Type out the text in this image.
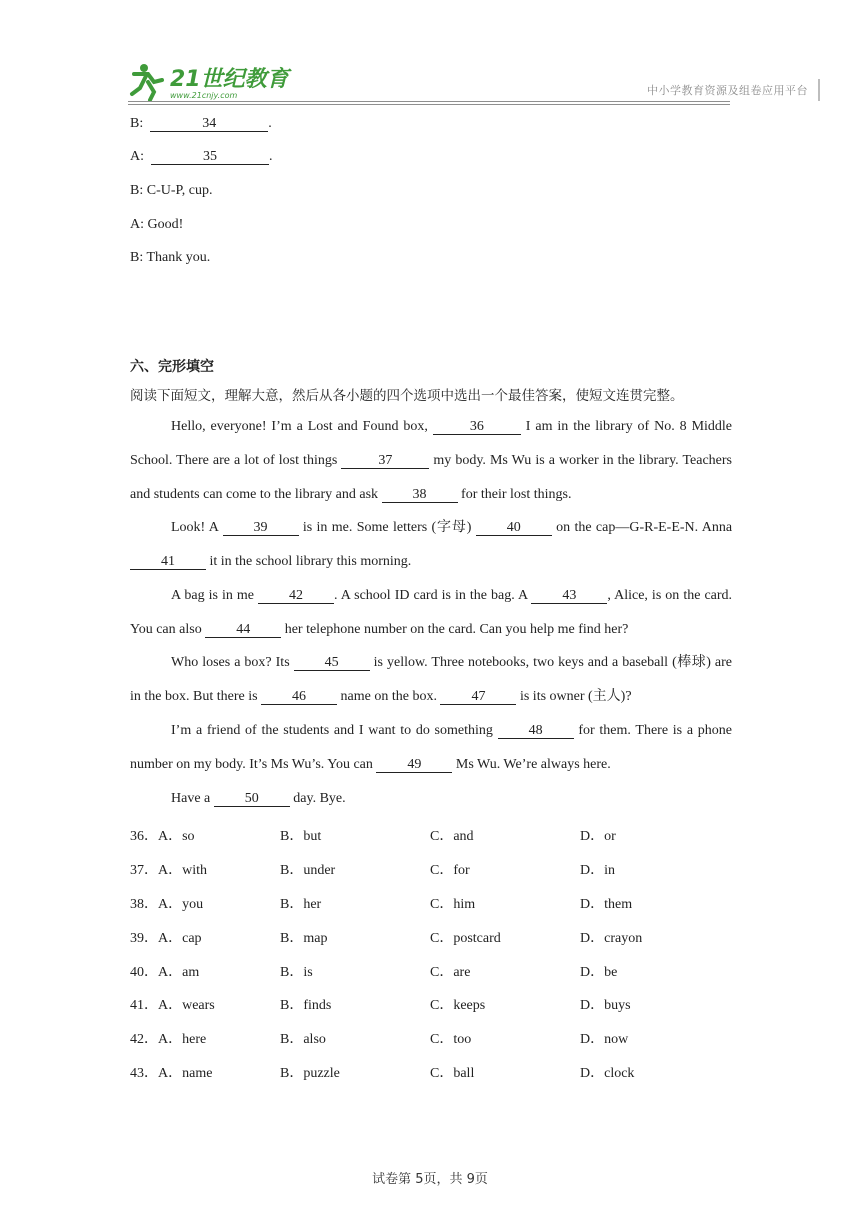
21世纪教育
www.21cnjy.com	中小学教育资源及组卷应用平台
B:	34	.
A:	35	.
B: C-U-P, cup.
A: Good!
B: Thank you.
六、完形填空
阅读下面短文，理解大意，然后从各小题的四个选项中选出一个最佳答案，使短文连贯完整。
Hello, everyone! I’m a Lost and Found box,	36	I am in the library of No. 8 Middle School. There are a lot of lost things	37	my body. Ms Wu is a worker in the library. Teachers and students can come to the library and ask 38 for their lost things.
Look! A	39	is in me. Some letters (字母)	40	on the cap—G-R-E-E-N. Anna 41 it in the school library this morning.
A bag is in me	42 . A school ID card is in the bag. A	43 , Alice, is on the card. You can also 44 her telephone number on the card. Can you help me find her?
Who loses a box? Its	45	is yellow. Three notebooks, two keys and a baseball (棒球) are in the box. But there is 46 name on the box. 47 is its owner (主人)?
I’m a friend of the students and I want to do something	48	for them. There is a phone number on my body. It’s Ms Wu’s. You can 49 Ms Wu. We’re always here.
Have a 50 day. Bye.
36．A．so	B．but	C．and	D．or
37．A．with	B．under	C．for	D．in
38．A．you	B．her	C．him	D．them
39．A．cap	B．map	C．postcard	D．crayon
40．A．am	B．is	C．are	D．be
41．A．wears	B．finds	C．keeps	D．buys
42．A．here	B．also	C．too	D．now
43．A．name	B．puzzle	C．ball	D．clock
试卷第 5页，共 9页
